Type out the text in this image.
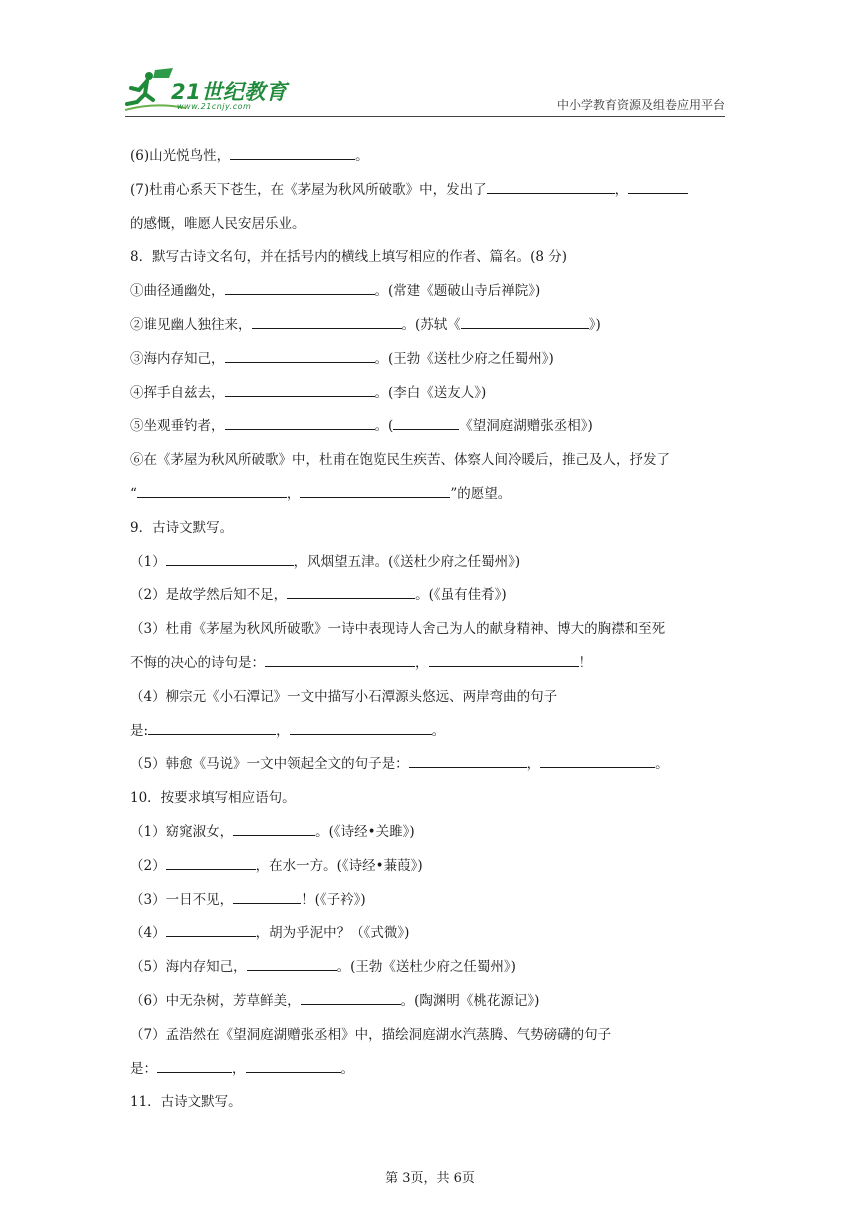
21世纪教育
www.21cnjy.com	中小学教育资源及组卷应用平台
(6)山光悦鸟性，	。
(7)杜甫心系天下苍生，在《茅屋为秋风所破歌》中，发出了	，
的感慨，唯愿人民安居乐业。
8．默写古诗文名句，并在括号内的横线上填写相应的作者、篇名。(8 分)
①曲径通幽处，	。(常建《题破山寺后禅院》)
②谁见幽人独往来，	。(苏轼《	》)
③海内存知己，	。(王勃《送杜少府之任蜀州》)
④挥手自兹去，	。(李白《送友人》)
⑤坐观垂钓者，	。(	《望洞庭湖赠张丞相》)
⑥在《茅屋为秋风所破歌》中，杜甫在饱览民生疾苦、体察人间冷暖后，推己及人，抒发了
“	，	”的愿望。
9．古诗文默写。
（1）	，风烟望五津。(《送杜少府之任蜀州》)
（2）是故学然后知不足，	。(《虽有佳肴》)
（3）杜甫《茅屋为秋风所破歌》一诗中表现诗人舍己为人的献身精神、博大的胸襟和至死
不悔的决心的诗句是：	，	！
（4）柳宗元《小石潭记》一文中描写小石潭源头悠远、两岸弯曲的句子
是:	，	。
（5）韩愈《马说》一文中领起全文的句子是：	，	。
10．按要求填写相应语句。
（1）窈窕淑女，	。(《诗经•关雎》)
（2）	，在水一方。(《诗经•蒹葭》)
（3）一日不见，	！(《子衿》)
（4）	，胡为乎泥中？（《式微》)
（5）海内存知己，	。(王勃《送杜少府之任蜀州》)
（6）中无杂树，芳草鲜美，	。(陶渊明《桃花源记》)
（7）孟浩然在《望洞庭湖赠张丞相》中，描绘洞庭湖水汽蒸腾、气势磅礴的句子
是：	，	。
11．古诗文默写。
第 3页，共 6页
